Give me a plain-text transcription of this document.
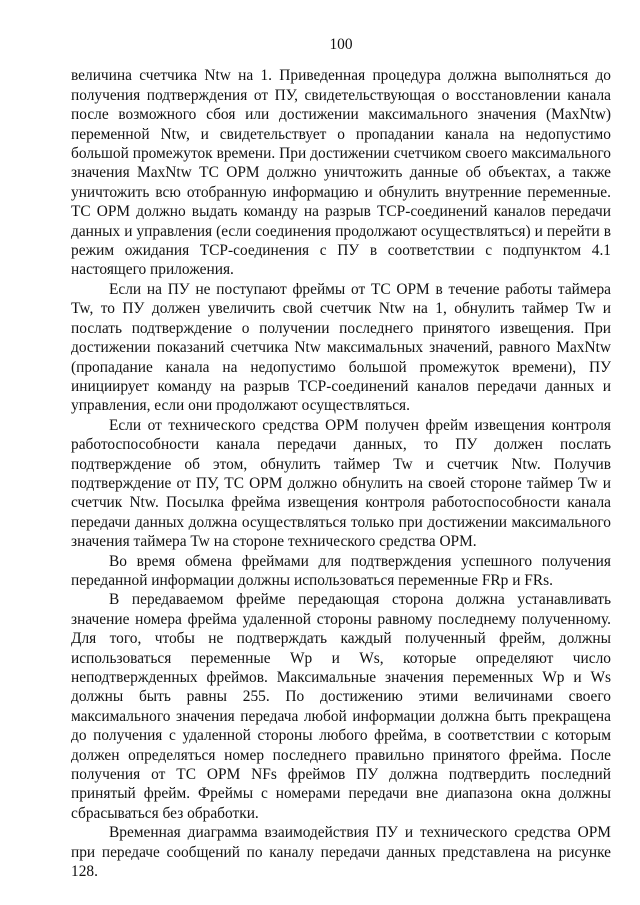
100

величина счетчика Ntw на 1. Приведенная процедура должна выполняться до получения подтверждения от ПУ, свидетельствующая о восстановлении канала после возможного сбоя или достижении максимального значения (MaxNtw) переменной Ntw, и свидетельствует о пропадании канала на недопустимо большой промежуток времени. При достижении счетчиком своего максимального значения MaxNtw ТС ОРМ должно уничтожить данные об объектах, а также уничтожить всю отобранную информацию и обнулить внутренние переменные. ТС ОРМ должно выдать команду на разрыв ТСР-соединений каналов передачи данных и управления (если соединения продолжают осуществляться) и перейти в режим ожидания ТСР-соединения с ПУ в соответствии с подпунктом 4.1 настоящего приложения.

Если на ПУ не поступают фреймы от ТС ОРМ в течение работы таймера Tw, то ПУ должен увеличить свой счетчик Ntw на 1, обнулить таймер Tw и послать подтверждение о получении последнего принятого извещения. При достижении показаний счетчика Ntw максимальных значений, равного MaxNtw (пропадание канала на недопустимо большой промежуток времени), ПУ инициирует команду на разрыв ТСР-соединений каналов передачи данных и управления, если они продолжают осуществляться.

Если от технического средства ОРМ получен фрейм извещения контроля работоспособности канала передачи данных, то ПУ должен послать подтверждение об этом, обнулить таймер Tw и счетчик Ntw. Получив подтверждение от ПУ, ТС ОРМ должно обнулить на своей стороне таймер Tw и счетчик Ntw. Посылка фрейма извещения контроля работоспособности канала передачи данных должна осуществляться только при достижении максимального значения таймера Tw на стороне технического средства ОРМ.

Во время обмена фреймами для подтверждения успешного получения переданной информации должны использоваться переменные FRp и FRs.

В передаваемом фрейме передающая сторона должна устанавливать значение номера фрейма удаленной стороны равному последнему полученному. Для того, чтобы не подтверждать каждый полученный фрейм, должны использоваться переменные Wp и Ws, которые определяют число неподтвержденных фреймов. Максимальные значения переменных Wp и Ws должны быть равны 255. По достижению этими величинами своего максимального значения передача любой информации должна быть прекращена до получения с удаленной стороны любого фрейма, в соответствии с которым должен определяться номер последнего правильно принятого фрейма. После получения от ТС ОРМ NFs фреймов ПУ должна подтвердить последний принятый фрейм. Фреймы с номерами передачи вне диапазона окна должны сбрасываться без обработки.

Временная диаграмма взаимодействия ПУ и технического средства ОРМ при передаче сообщений по каналу передачи данных представлена на рисунке 128.
